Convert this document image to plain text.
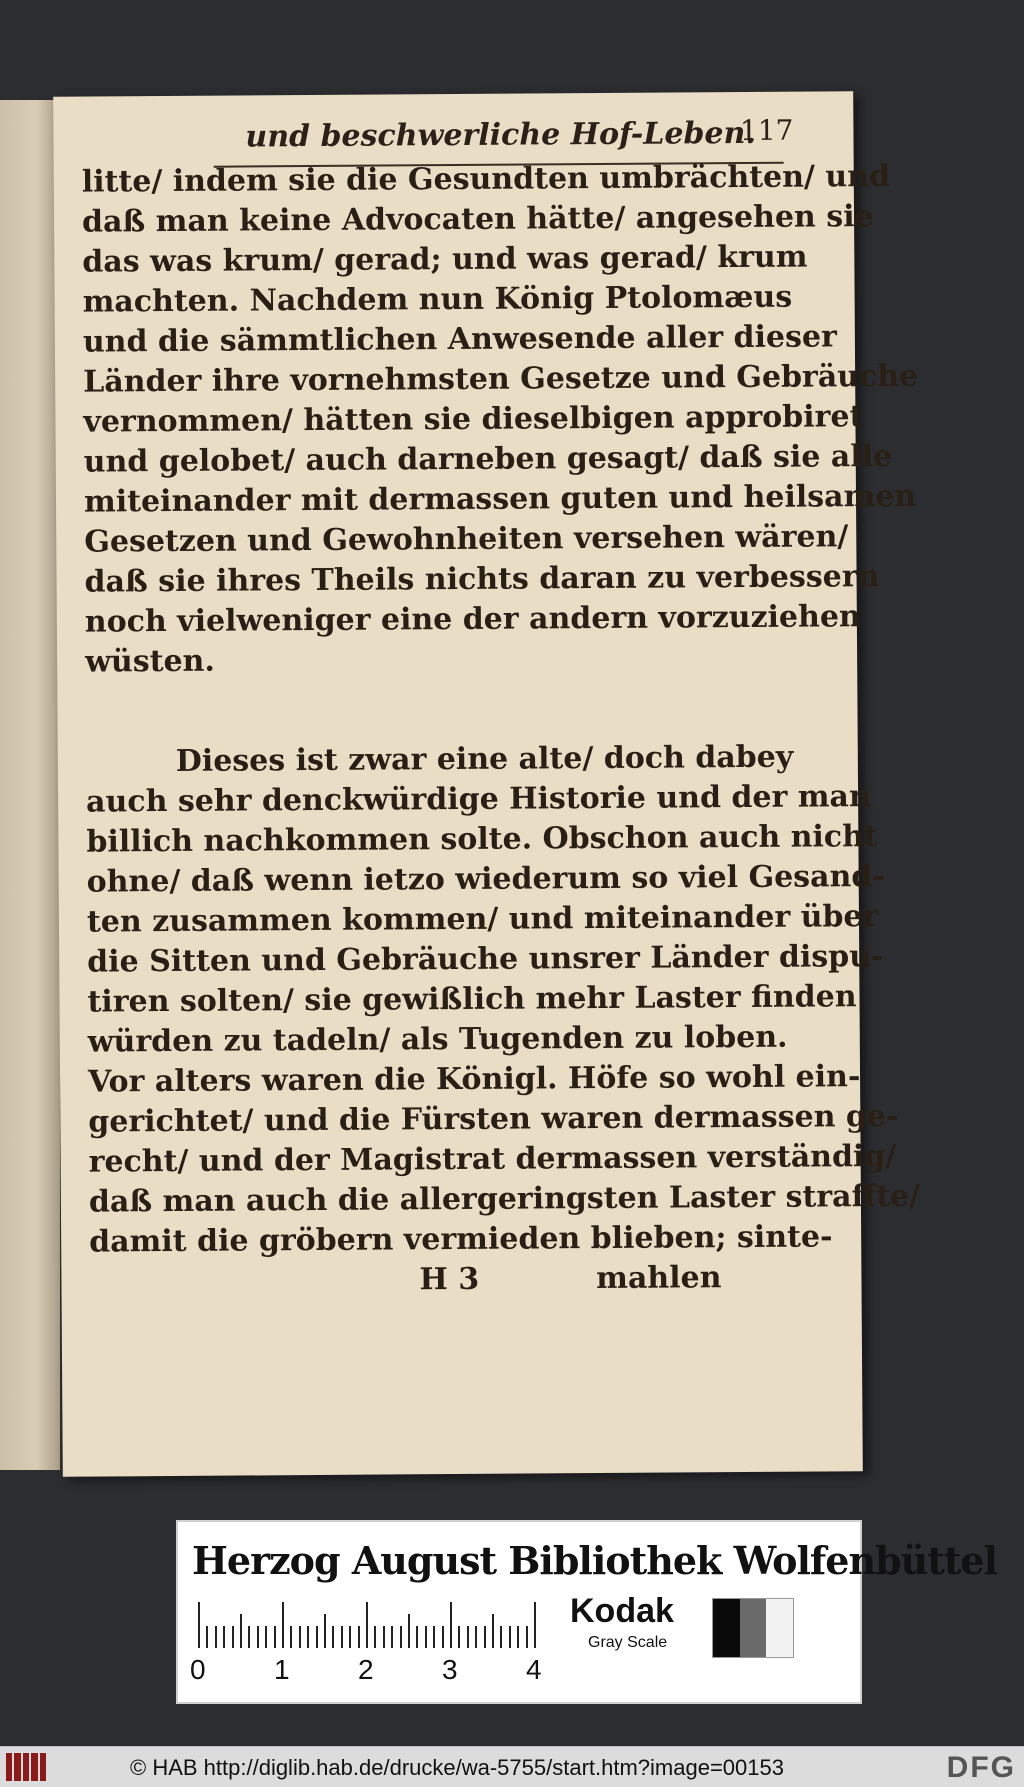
und beschwerliche Hof-Leben.
117
litte/ indem sie die Gesundten umbrächten/ und
daß man keine Advocaten hätte/ angesehen sie
das was krum/ gerad; und was gerad/ krum
machten. Nachdem nun König Ptolomæus
und die sämmtlichen Anwesende aller dieser
Länder ihre vornehmsten Gesetze und Gebräuche
vernommen/ hätten sie dieselbigen approbiret
und gelobet/ auch darneben gesagt/ daß sie alle
miteinander mit dermassen guten und heilsamen
Gesetzen und Gewohnheiten versehen wären/
daß sie ihres Theils nichts daran zu verbessern
noch vielweniger eine der andern vorzuziehen
wüsten.
Dieses ist zwar eine alte/ doch dabey
auch sehr denckwürdige Historie und der man
billich nachkommen solte. Obschon auch nicht
ohne/ daß wenn ietzo wiederum so viel Gesand-
ten zusammen kommen/ und miteinander über
die Sitten und Gebräuche unsrer Länder dispu-
tiren solten/ sie gewißlich mehr Laster finden
würden zu tadeln/ als Tugenden zu loben.
Vor alters waren die Königl. Höfe so wohl ein-
gerichtet/ und die Fürsten waren dermassen ge-
recht/ und der Magistrat dermassen verständig/
daß man auch die allergeringsten Laster straffte/
damit die gröbern vermieden blieben; sinte-
H 3	mahlen
Herzog August Bibliothek Wolfenbüttel
0 1 2 3 4
Kodak
Gray Scale
© HAB http://diglib.hab.de/drucke/wa-5755/start.htm?image=00153	DFG
